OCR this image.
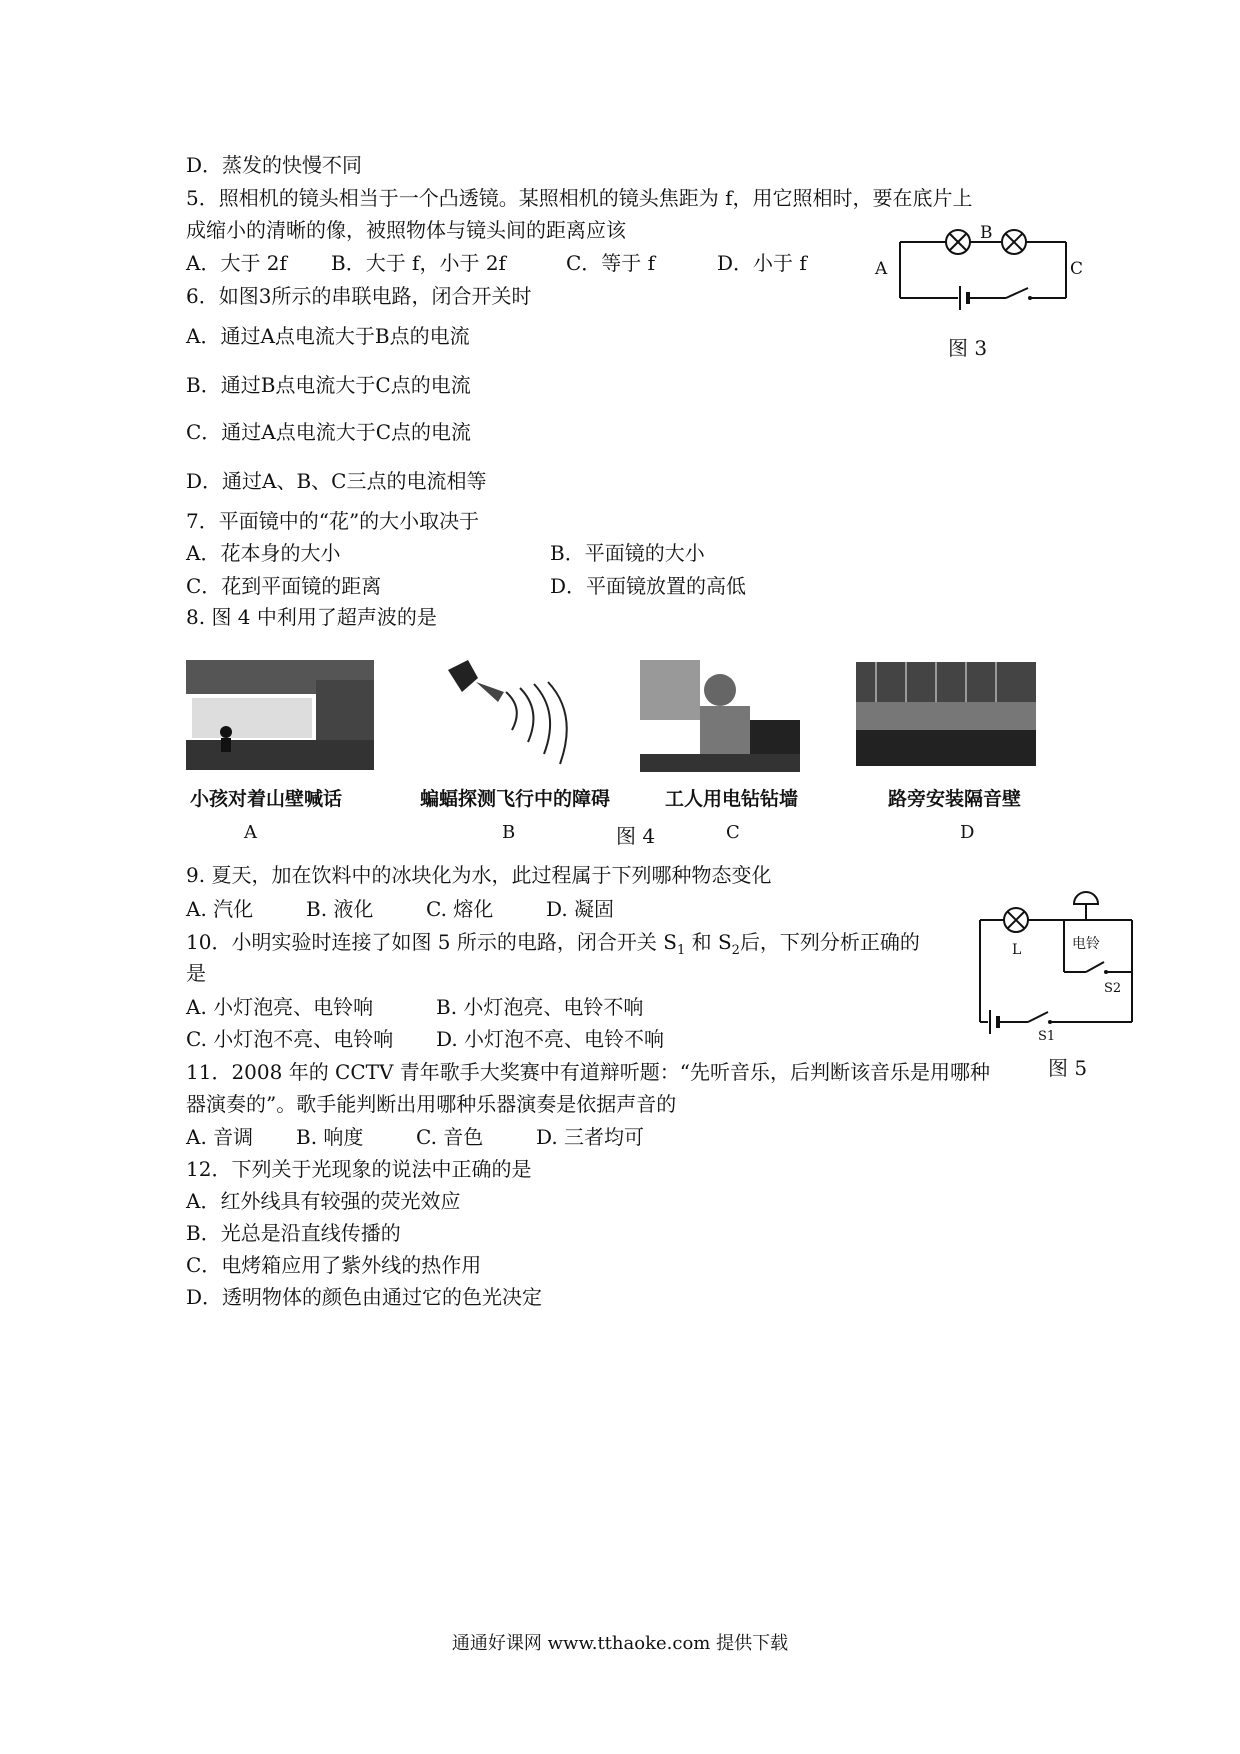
D．蒸发的快慢不同
5．照相机的镜头相当于一个凸透镜。某照相机的镜头焦距为 f，用它照相时，要在底片上
成缩小的清晰的像，被照物体与镜头间的距离应该
A．大于 2f B．大于 f，小于 2f	C．等于 f	D．小于 f	A
B
C
图 3
6．如图3所示的串联电路，闭合开关时
A．通过A点电流大于B点的电流
B．通过B点电流大于C点的电流
C．通过A点电流大于C点的电流
D．通过A、B、C三点的电流相等
7．平面镜中的“花”的大小取决于
A．花本身的大小	B．平面镜的大小
C．花到平面镜的距离	D．平面镜放置的高低
8. 图 4 中利用了超声波的是
小孩对着山壁喊话	蝙蝠探测飞行中的障碍	工人用电钻钻墙	路旁安装隔音壁
A	B	图 4	C	D
9. 夏天，加在饮料中的冰块化为水，此过程属于下列哪种物态变化
A. 汽化	B. 液化	C. 熔化	D. 凝固
L	电铃
S2
S1
图 5
10．小明实验时连接了如图 5 所示的电路，闭合开关 $S_1$ 和 $S_2$后，下列分析正确的
是
A. 小灯泡亮、电铃响	B. 小灯泡亮、电铃不响
C. 小灯泡不亮、电铃响 D. 小灯泡不亮、电铃不响
11．2008 年的 CCTV 青年歌手大奖赛中有道辩听题：“先听音乐，后判断该音乐是用哪种
器演奏的”。歌手能判断出用哪种乐器演奏是依据声音的
A. 音调 B. 响度	C. 音色	D. 三者均可
12．下列关于光现象的说法中正确的是
A．红外线具有较强的荧光效应
B．光总是沿直线传播的
C．电烤箱应用了紫外线的热作用
D．透明物体的颜色由通过它的色光决定
通通好课网 www.tthaoke.com 提供下载
